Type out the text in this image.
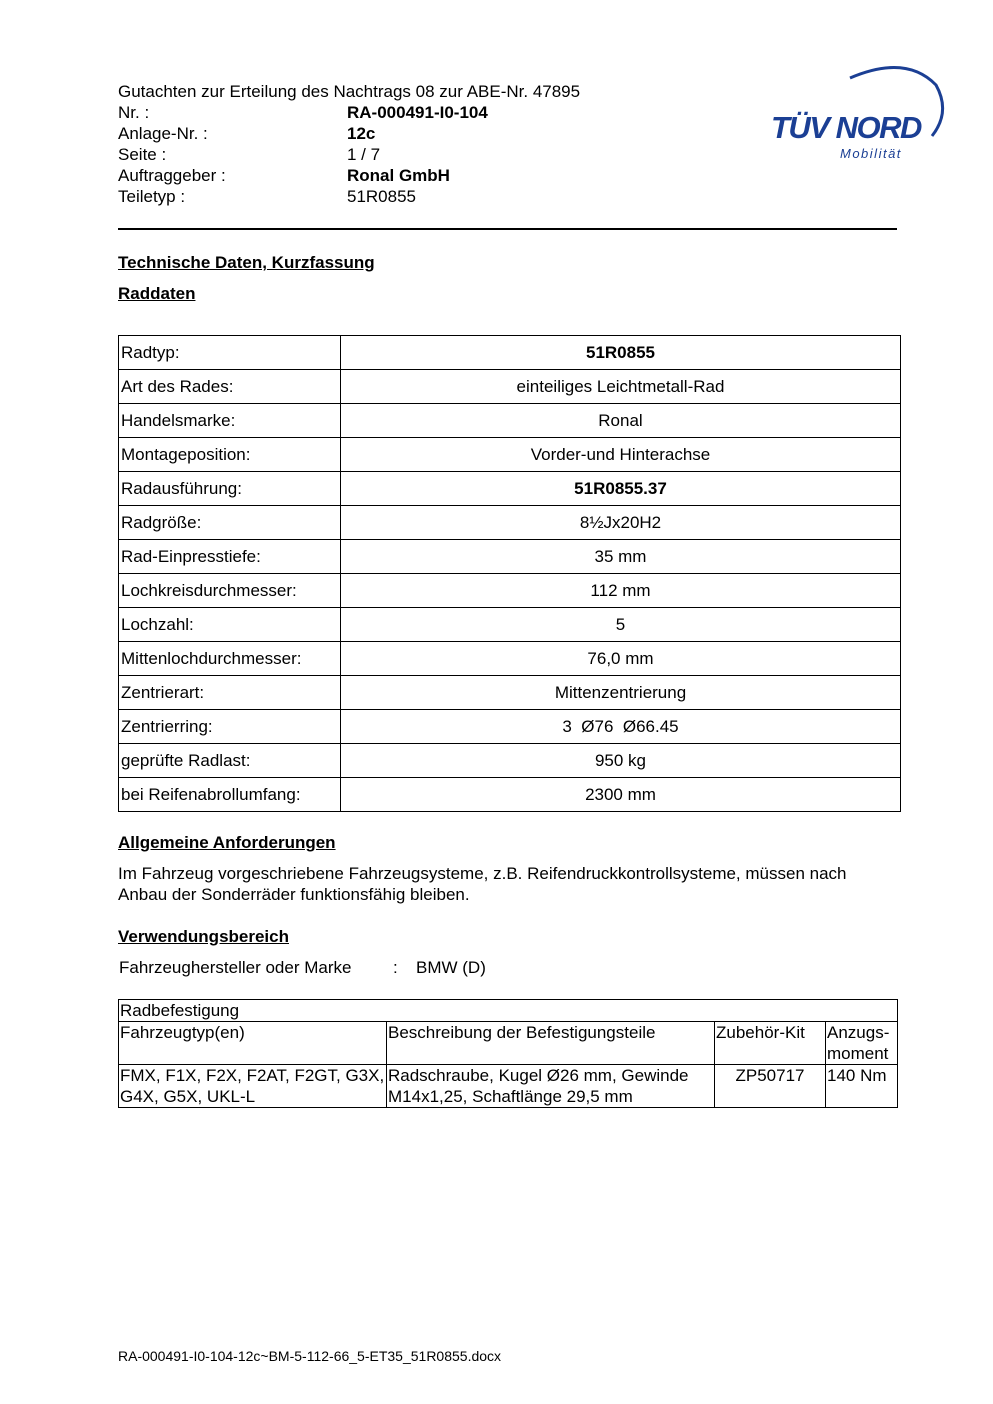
Gutachten zur Erteilung des Nachtrags 08 zur ABE-Nr. 47895
Nr. :	RA-000491-I0-104
Anlage-Nr. :	12c
Seite :	1 / 7
Auftraggeber :	Ronal GmbH
Teiletyp :	51R0855
TÜV NORD
Mobilität
Technische Daten, Kurzfassung
Raddaten
Radtyp:	51R0855
Art des Rades:	einteiliges Leichtmetall-Rad
Handelsmarke:	Ronal
Montageposition:	Vorder-und Hinterachse
Radausführung:	51R0855.37
Radgröße:	8½Jx20H2
Rad-Einpresstiefe:	35 mm
Lochkreisdurchmesser:	112 mm
Lochzahl:	5
Mittenlochdurchmesser:	76,0 mm
Zentrierart:	Mittenzentrierung
Zentrierring:	3  Ø76  Ø66.45
geprüfte Radlast:	950 kg
bei Reifenabrollumfang:	2300 mm
Allgemeine Anforderungen
Im Fahrzeug vorgeschriebene Fahrzeugsysteme, z.B. Reifendruckkontrollsysteme, müssen nach Anbau der Sonderräder funktionsfähig bleiben.
Verwendungsbereich
Fahrzeughersteller oder Marke : BMW (D)
Radbefestigung			
Fahrzeugtyp(en)	Beschreibung der Befestigungsteile	Zubehör-Kit	Anzugs-moment
FMX, F1X, F2X, F2AT, F2GT, G3X, G4X, G5X, UKL-L	Radschraube, Kugel Ø26 mm, Gewinde M14x1,25, Schaftlänge 29,5 mm	ZP50717	140 Nm
RA-000491-I0-104-12c~BM-5-112-66_5-ET35_51R0855.docx
